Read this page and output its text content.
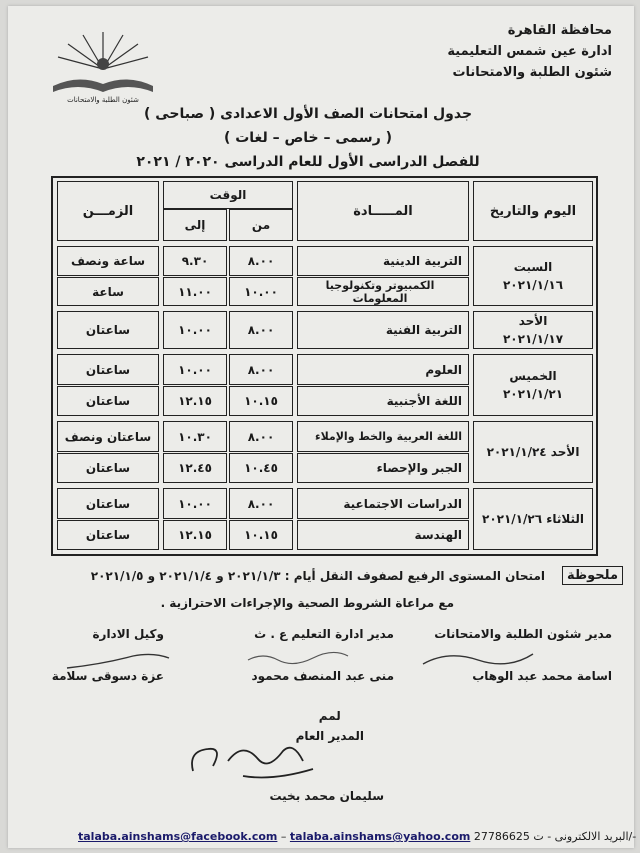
محافظة القاهرة
ادارة عين شمس التعليمية
شئون الطلبة والامتحانات
شئون الطلبة والامتحانات
جدول امتحانات الصف الأول الاعدادى ( صباحى )
( رسمى – خاص – لغات )
للفصل الدراسى الأول للعام الدراسى ٢٠٢٠ / ٢٠٢١
اليوم والتاريخ
المـــــادة
الوقت
من
إلى
الزمـــن
السبت
٢٠٢١/١/١٦
التربية الدينية
٨.٠٠
٩.٣٠
ساعة ونصف
الكمبيوتر وتكنولوجيا المعلومات
١٠.٠٠
١١.٠٠
ساعة
الأحد
٢٠٢١/١/١٧
التربية الفنية
٨.٠٠
١٠.٠٠
ساعتان
الخميس
٢٠٢١/١/٢١
العلوم
٨.٠٠
١٠.٠٠
ساعتان
اللغة الأجنبية
١٠.١٥
١٢.١٥
ساعتان
الأحد ٢٠٢١/١/٢٤
اللغة العربية والخط والإملاء
٨.٠٠
١٠.٣٠
ساعتان ونصف
الجبر والإحصاء
١٠.٤٥
١٢.٤٥
ساعتان
الثلاثاء ٢٠٢١/١/٢٦
الدراسات الاجتماعية
٨.٠٠
١٠.٠٠
ساعتان
الهندسة
١٠.١٥
١٢.١٥
ساعتان
ملحوظة
امتحان المستوى الرفيع لصفوف النقل أيام : ٢٠٢١/١/٣ و ٢٠٢١/١/٤ و ٢٠٢١/١/٥
مع مراعاة الشروط الصحية والإجراءات الاحترازية .
مدير شئون الطلبة والامتحانات
اسامة محمد عبد الوهاب
مدير ادارة التعليم ع . ث
منى عبد المنصف محمود
وكيل الادارة
عزة دسوقى سلامة
لمم
المدير العام
سليمان محمد بخيت
talaba.ainshams@facebook.com – talaba.ainshams@yahoo.com	البريد الالكترونى - ت 27786625/-
